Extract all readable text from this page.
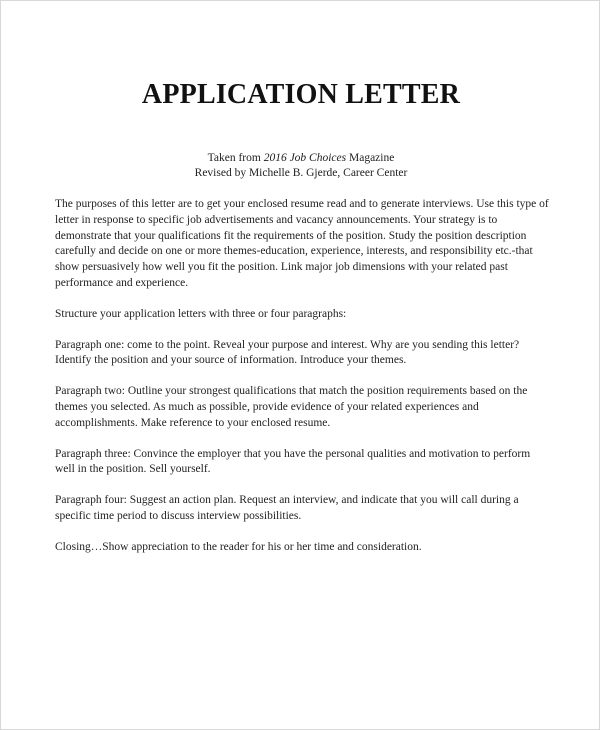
APPLICATION LETTER
Taken from 2016 Job Choices Magazine
Revised by Michelle B. Gjerde, Career Center

The purposes of this letter are to get your enclosed resume read and to generate interviews. Use this type of letter in response to specific job advertisements and vacancy announcements. Your strategy is to demonstrate that your qualifications fit the requirements of the position. Study the position description carefully and decide on one or more themes-education, experience, interests, and responsibility etc.-that show persuasively how well you fit the position. Link major job dimensions with your related past performance and experience.

Structure your application letters with three or four paragraphs:

Paragraph one: come to the point. Reveal your purpose and interest. Why are you sending this letter? Identify the position and your source of information. Introduce your themes.

Paragraph two: Outline your strongest qualifications that match the position requirements based on the themes you selected. As much as possible, provide evidence of your related experiences and accomplishments. Make reference to your enclosed resume.

Paragraph three: Convince the employer that you have the personal qualities and motivation to perform well in the position. Sell yourself.

Paragraph four: Suggest an action plan. Request an interview, and indicate that you will call during a specific time period to discuss interview possibilities.

Closing…Show appreciation to the reader for his or her time and consideration.
